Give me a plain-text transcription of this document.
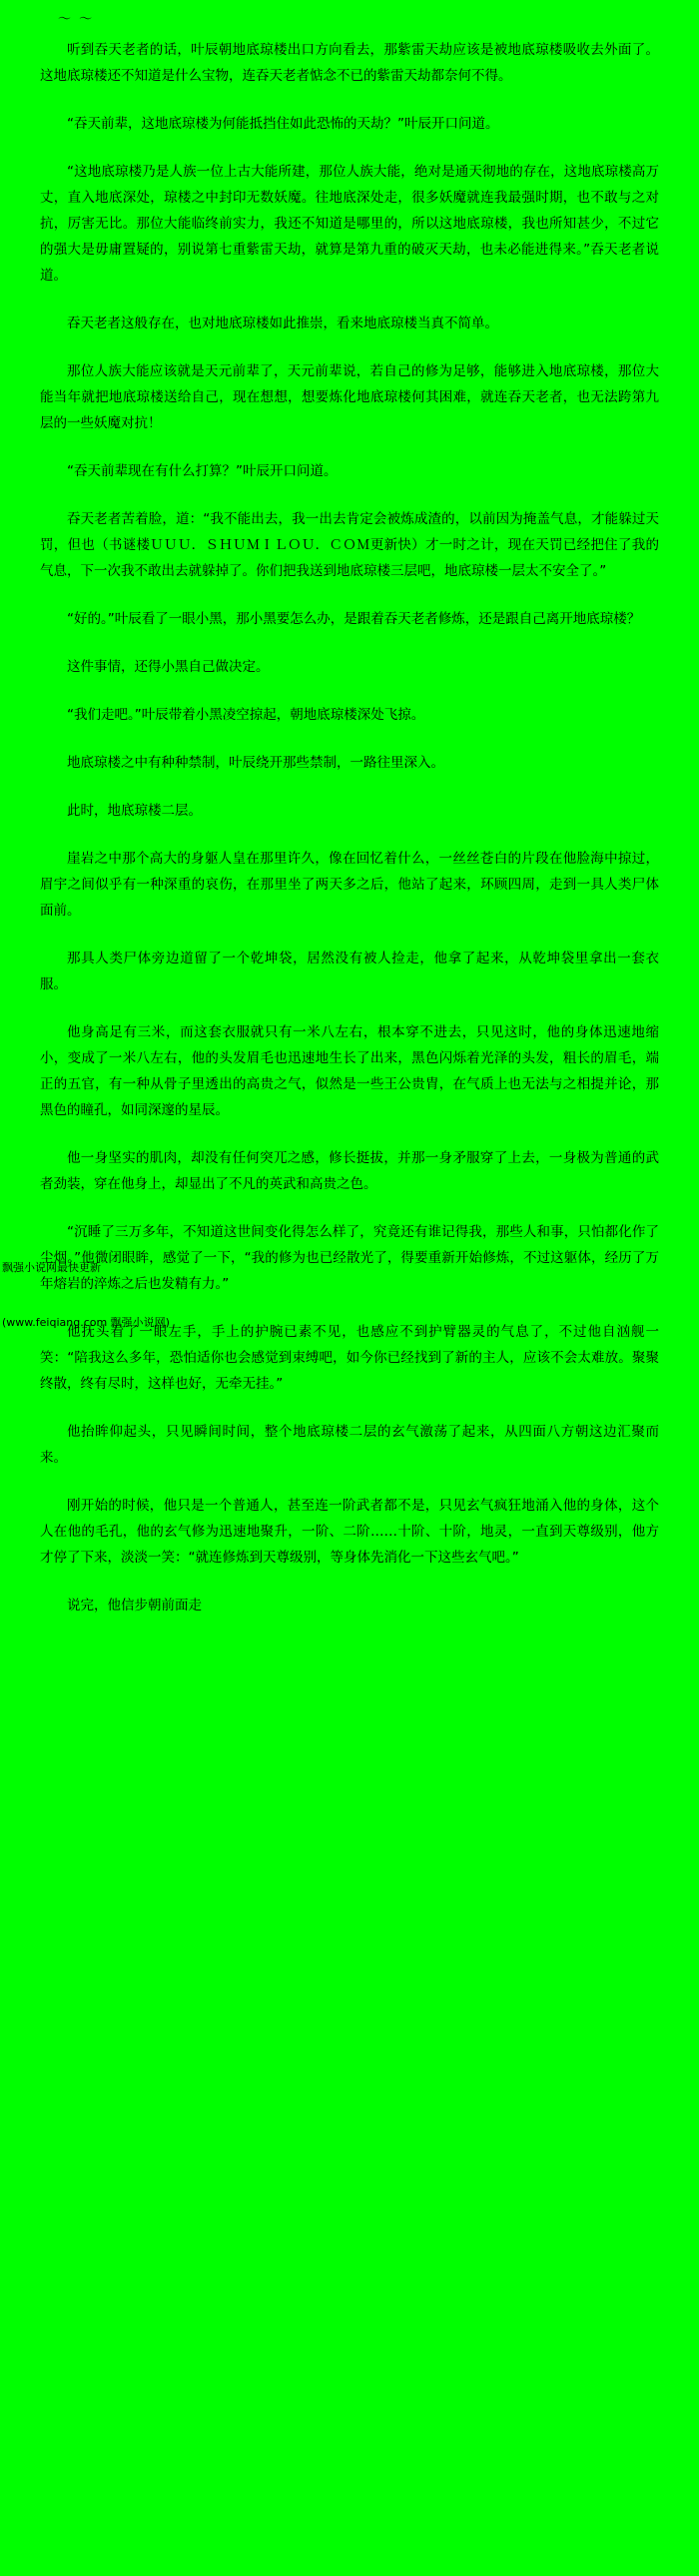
～ ～
飘强小说网最快更新
(www.feiqiang.com 飘强小说网)

听到吞天老者的话，叶辰朝地底琼楼出口方向看去，那紫雷天劫应该是被地底琼楼吸收去外面了。这地底琼楼还不知道是什么宝物，连吞天老者惦念不已的紫雷天劫都奈何不得。

“吞天前辈，这地底琼楼为何能抵挡住如此恐怖的天劫？”叶辰开口问道。

“这地底琼楼乃是人族一位上古大能所建，那位人族大能，绝对是通天彻地的存在，这地底琼楼高万丈，直入地底深处，琼楼之中封印无数妖魔。往地底深处走，很多妖魔就连我最强时期，也不敢与之对抗，厉害无比。那位大能临终前实力，我还不知道是哪里的，所以这地底琼楼，我也所知甚少，不过它的强大是毋庸置疑的，别说第七重紫雷天劫，就算是第九重的破灭天劫，也未必能进得来。”吞天老者说道。

吞天老者这般存在，也对地底琼楼如此推崇，看来地底琼楼当真不简单。

那位人族大能应该就是天元前辈了，天元前辈说，若自己的修为足够，能够进入地底琼楼，那位大能当年就把地底琼楼送给自己，现在想想，想要炼化地底琼楼何其困难，就连吞天老者，也无法跨第九层的一些妖魔对抗！

“吞天前辈现在有什么打算？”叶辰开口问道。

吞天老者苦着脸，道：“我不能出去，我一出去肯定会被炼成渣的，以前因为掩盖气息，才能躲过天罚，但也（书谜楼ＵＵＵ．ＳＨＵＭＩＬＯＵ．ＣＯＭ更新快）才一时之计，现在天罚已经把住了我的气息，下一次我不敢出去就躲掉了。你们把我送到地底琼楼三层吧，地底琼楼一层太不安全了。”

“好的。”叶辰看了一眼小黑，那小黑要怎么办，是跟着吞天老者修炼，还是跟自己离开地底琼楼？

这件事情，还得小黑自己做决定。

“我们走吧。”叶辰带着小黑凌空掠起，朝地底琼楼深处飞掠。

地底琼楼之中有种种禁制，叶辰绕开那些禁制，一路往里深入。

此时，地底琼楼二层。

崖岩之中那个高大的身躯人皇在那里许久，像在回忆着什么，一丝丝苍白的片段在他脸海中掠过，眉宇之间似乎有一种深重的哀伤，在那里坐了两天多之后，他站了起来，环顾四周，走到一具人类尸体面前。

那具人类尸体旁边道留了一个乾坤袋，居然没有被人捡走，他拿了起来，从乾坤袋里拿出一套衣服。

他身高足有三米，而这套衣服就只有一米八左右，根本穿不进去，只见这时，他的身体迅速地缩小，变成了一米八左右，他的头发眉毛也迅速地生长了出来，黑色闪烁着光泽的头发，粗长的眉毛，端正的五官，有一种从骨子里透出的高贵之气，似然是一些王公贵胄，在气质上也无法与之相提并论，那黑色的瞳孔，如同深邃的星辰。

他一身坚实的肌肉，却没有任何突兀之感，修长挺拔，并那一身矛服穿了上去，一身极为普通的武者劲装，穿在他身上，却显出了不凡的英武和高贵之色。

“沉睡了三万多年，不知道这世间变化得怎么样了，究竟还有谁记得我，那些人和事，只怕都化作了尘烟。”他微闭眼眸，感觉了一下，“我的修为也已经散光了，得要重新开始修炼，不过这躯体，经历了万年熔岩的淬炼之后也发精有力。”

他抚头看了一眼左手，手上的护腕已素不见，也感应不到护臂器灵的气息了，不过他自汹舰一笑：“陪我这么多年，恐怕适你也会感觉到束缚吧，如今你已经找到了新的主人，应该不会太难放。聚聚终散，终有尽时，这样也好，无牵无挂。”

他抬眸仰起头，只见瞬间时间，整个地底琼楼二层的玄气激荡了起来，从四面八方朝这边汇聚而来。

刚开始的时候，他只是一个普通人，甚至连一阶武者都不是，只见玄气疯狂地涌入他的身体，这个人在他的毛孔，他的玄气修为迅速地聚升，一阶、二阶……十阶、十阶，地灵，一直到天尊级别，他方才停了下来，淡淡一笑：“就连修炼到天尊级别，等身体先消化一下这些玄气吧。”

说完，他信步朝前面走
